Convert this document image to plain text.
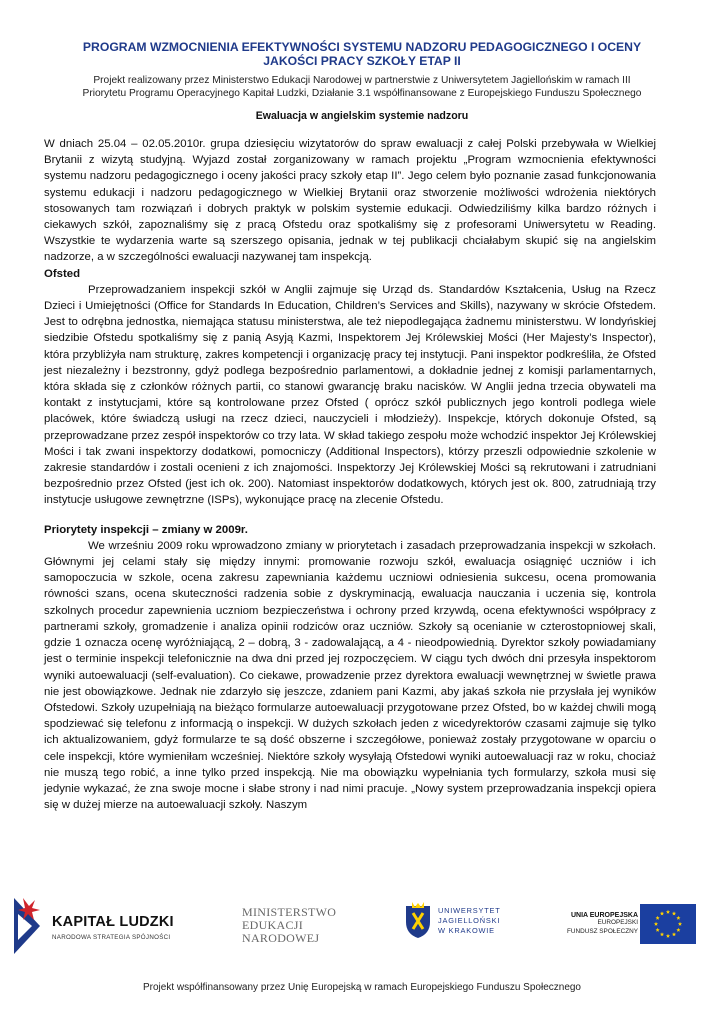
PROGRAM WZMOCNIENIA EFEKTYWNOŚCI SYSTEMU NADZORU PEDAGOGICZNEGO I OCENY
JAKOŚCI PRACY SZKOŁY ETAP II
Projekt realizowany przez Ministerstwo Edukacji Narodowej w partnerstwie z Uniwersytetem Jagiellońskim w ramach III
Priorytetu Programu Operacyjnego Kapitał Ludzki, Działanie 3.1 współfinansowane z Europejskiego Funduszu Społecznego
Ewaluacja w angielskim systemie nadzoru

W dniach 25.04 – 02.05.2010r. grupa dziesięciu wizytatorów do spraw ewaluacji z całej Polski przebywała w Wielkiej Brytanii z wizytą studyjną. Wyjazd został zorganizowany w ramach projektu „Program wzmocnienia efektywności systemu nadzoru pedagogicznego i oceny jakości pracy szkoły etap II”. Jego celem było poznanie zasad funkcjonowania systemu edukacji i nadzoru pedagogicznego w Wielkiej Brytanii oraz stworzenie możliwości wdrożenia niektórych stosowanych tam rozwiązań i dobrych praktyk w polskim systemie edukacji. Odwiedziliśmy kilka bardzo różnych i ciekawych szkół, zapoznaliśmy się z pracą Ofstedu oraz spotkaliśmy się z profesorami Uniwersytetu w Reading. Wszystkie te wydarzenia warte są szerszego opisania, jednak w tej publikacji chciałabym skupić się na angielskim nadzorze, a w szczególności ewaluacji nazywanej tam inspekcją.

Ofsted

Przeprowadzaniem inspekcji szkół w Anglii zajmuje się Urząd ds. Standardów Kształcenia, Usług na Rzecz Dzieci i Umiejętności (Office for Standards In Education, Children’s Services and Skills), nazywany w skrócie Ofstedem. Jest to odrębna jednostka, niemająca statusu ministerstwa, ale też niepodlegająca żadnemu ministerstwu. W londyńskiej siedzibie Ofstedu spotkaliśmy się z panią Asyją Kazmi, Inspektorem Jej Królewskiej Mości (Her Majesty’s Inspector), która przybliżyła nam strukturę, zakres kompetencji i organizację pracy tej instytucji. Pani inspektor podkreśliła, że Ofsted jest niezależny i bezstronny, gdyż podlega bezpośrednio parlamentowi, a dokładnie jednej z komisji parlamentarnych, która składa się z członków różnych partii, co stanowi gwarancję braku nacisków. W Anglii jedna trzecia obywateli ma kontakt z instytucjami, które są kontrolowane przez Ofsted ( oprócz szkół publicznych jego kontroli podlega wiele placówek, które świadczą usługi na rzecz dzieci, nauczycieli i młodzieży). Inspekcje, których dokonuje Ofsted, są przeprowadzane przez zespół inspektorów co trzy lata. W skład takiego zespołu może wchodzić inspektor Jej Królewskiej Mości i tak zwani inspektorzy dodatkowi, pomocniczy (Additional Inspectors), którzy przeszli odpowiednie szkolenie w zakresie standardów i zostali ocenieni z ich znajomości. Inspektorzy Jej Królewskiej Mości są rekrutowani i zatrudniani bezpośrednio przez Ofsted (jest ich ok. 200). Natomiast inspektorów dodatkowych, których jest ok. 800, zatrudniają trzy instytucje usługowe zewnętrzne (ISPs), wykonujące pracę na zlecenie Ofstedu.

Priorytety inspekcji – zmiany w 2009r.

We wrześniu 2009 roku wprowadzono zmiany w priorytetach i zasadach przeprowadzania inspekcji w szkołach. Głównymi jej celami stały się między innymi: promowanie rozwoju szkół, ewaluacja osiągnięć uczniów i ich samopoczucia w szkole, ocena zakresu zapewniania każdemu uczniowi odniesienia sukcesu, ocena promowania równości szans, ocena skuteczności radzenia sobie z dyskryminacją, ewaluacja nauczania i uczenia się, kontrola szkolnych procedur zapewnienia uczniom bezpieczeństwa i ochrony przed krzywdą, ocena efektywności współpracy z partnerami szkoły, gromadzenie i analiza opinii rodziców oraz uczniów. Szkoły są ocenianie w czterostopniowej skali, gdzie 1 oznacza ocenę wyróżniającą, 2 – dobrą, 3 - zadowalającą, a 4 - nieodpowiednią. Dyrektor szkoły powiadamiany jest o terminie inspekcji telefonicznie na dwa dni przed jej rozpoczęciem. W ciągu tych dwóch dni przesyła inspektorom wyniki autoewaluacji (self-evaluation). Co ciekawe, prowadzenie przez dyrektora ewaluacji wewnętrznej w świetle prawa nie jest obowiązkowe. Jednak nie zdarzyło się jeszcze, zdaniem pani Kazmi, aby jakaś szkoła nie przysłała jej wyników Ofstedowi. Szkoły uzupełniają na bieżąco formularze autoewaluacji przygotowane przez Ofsted, bo w każdej chwili mogą spodziewać się telefonu z informacją o inspekcji. W dużych szkołach jeden z wicedyrektorów czasami zajmuje się tylko ich aktualizowaniem, gdyż formularze te są dość obszerne i szczegółowe, ponieważ zostały przygotowane w oparciu o cele inspekcji, które wymieniłam wcześniej. Niektóre szkoły wysyłają Ofstedowi wyniki autoewaluacji raz w roku, chociaż nie muszą tego robić, a inne tylko przed inspekcją. Nie ma obowiązku wypełniania tych formularzy, szkoła musi się jedynie wykazać, że zna swoje mocne i słabe strony i nad nimi pracuje. „Nowy system przeprowadzania inspekcji opiera się w dużej mierze na autoewaluacji szkoły. Naszym

KAPITAŁ LUDZKI
NARODOWA STRATEGIA SPÓJNOŚCI
MINISTERSTWO
EDUKACJI
NARODOWEJ
UNIWERSYTET
JAGIELLOŃSKI
W KRAKOWIE
UNIA EUROPEJSKA
EUROPEJSKI
FUNDUSZ SPOŁECZNY
Projekt współfinansowany przez Unię Europejską w ramach Europejskiego Funduszu Społecznego
